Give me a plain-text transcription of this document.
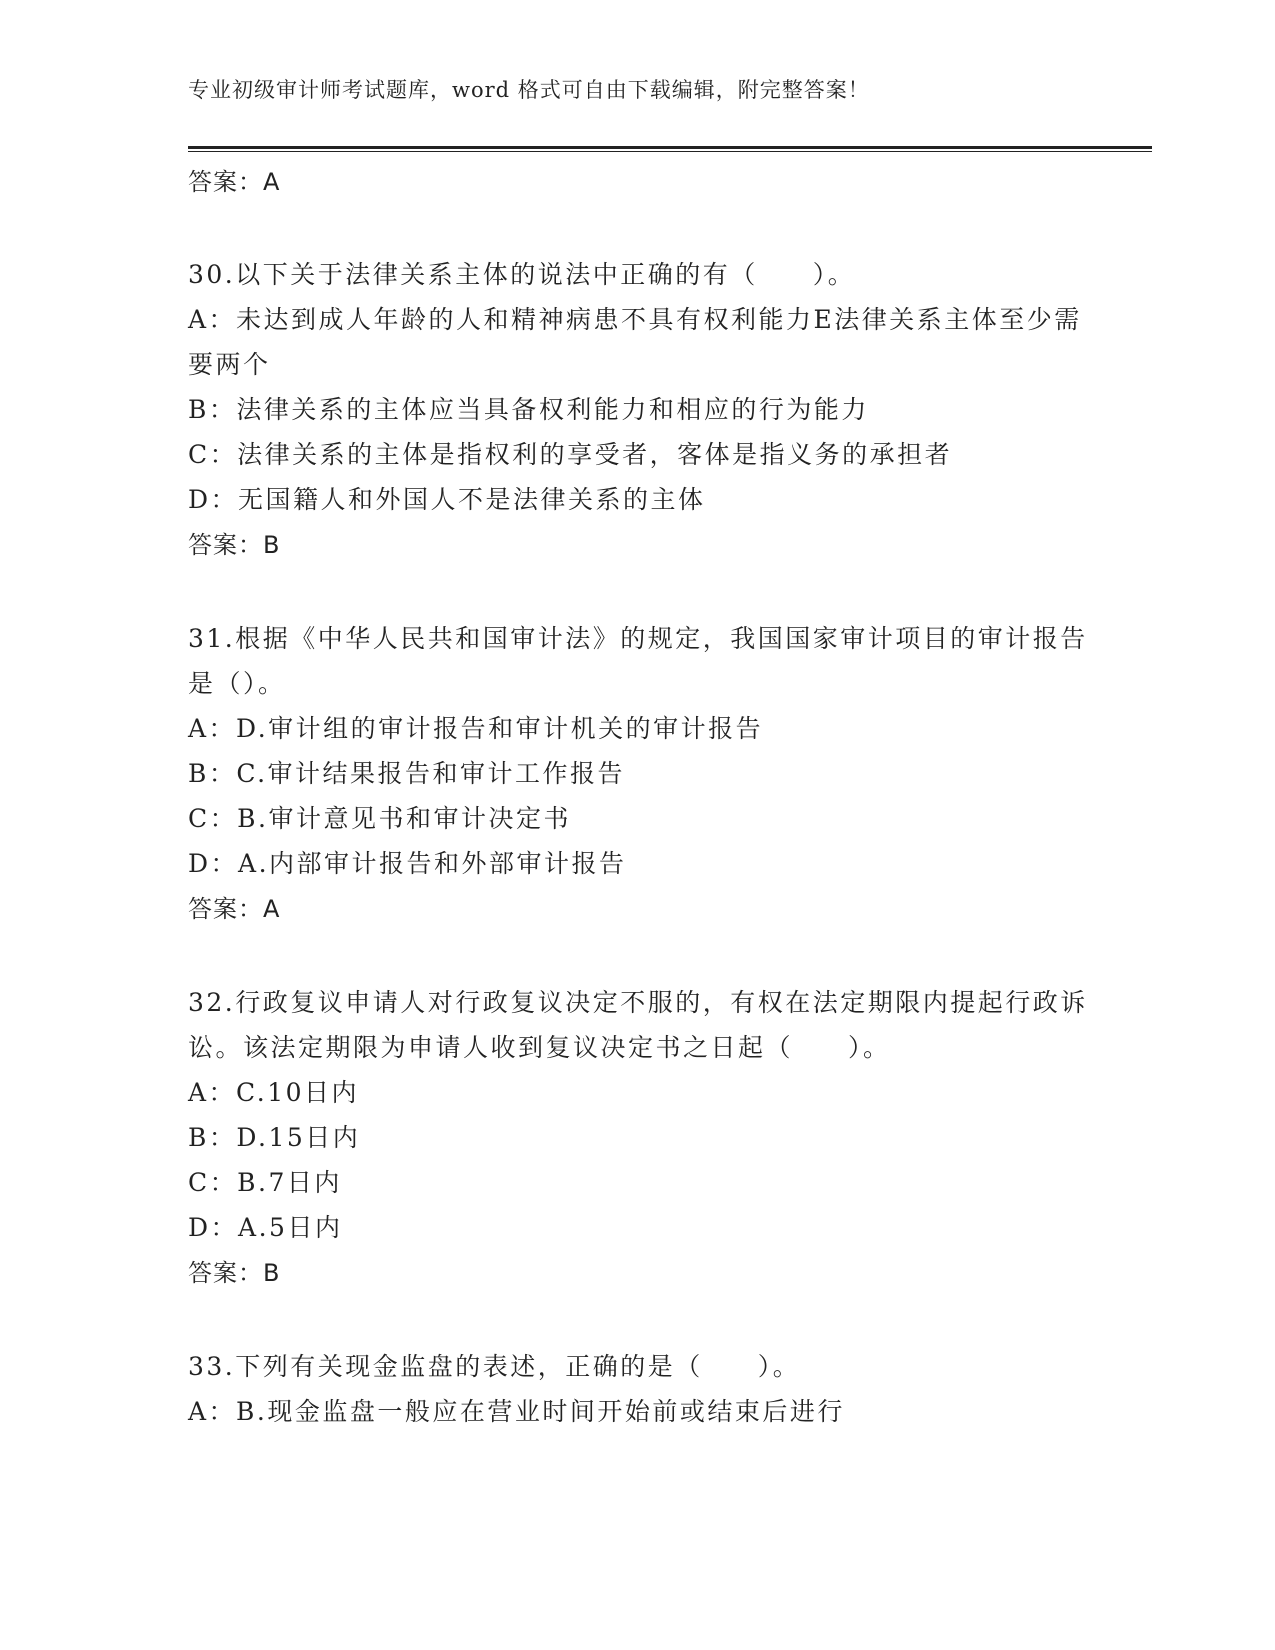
专业初级审计师考试题库，word 格式可自由下载编辑，附完整答案！

答案：A

30.以下关于法律关系主体的说法中正确的有（　　）。

A：未达到成人年龄的人和精神病患不具有权利能力E法律关系主体至少需要两个

B：法律关系的主体应当具备权利能力和相应的行为能力

C：法律关系的主体是指权利的享受者，客体是指义务的承担者

D：无国籍人和外国人不是法律关系的主体

答案：B

31.根据《中华人民共和国审计法》的规定，我国国家审计项目的审计报告是（）。

A：D.审计组的审计报告和审计机关的审计报告

B：C.审计结果报告和审计工作报告

C：B.审计意见书和审计决定书

D：A.内部审计报告和外部审计报告

答案：A

32.行政复议申请人对行政复议决定不服的，有权在法定期限内提起行政诉讼。该法定期限为申请人收到复议决定书之日起（　　）。

A：C.10日内

B：D.15日内

C：B.7日内

D：A.5日内

答案：B

33.下列有关现金监盘的表述，正确的是（　　）。

A：B.现金监盘一般应在营业时间开始前或结束后进行
